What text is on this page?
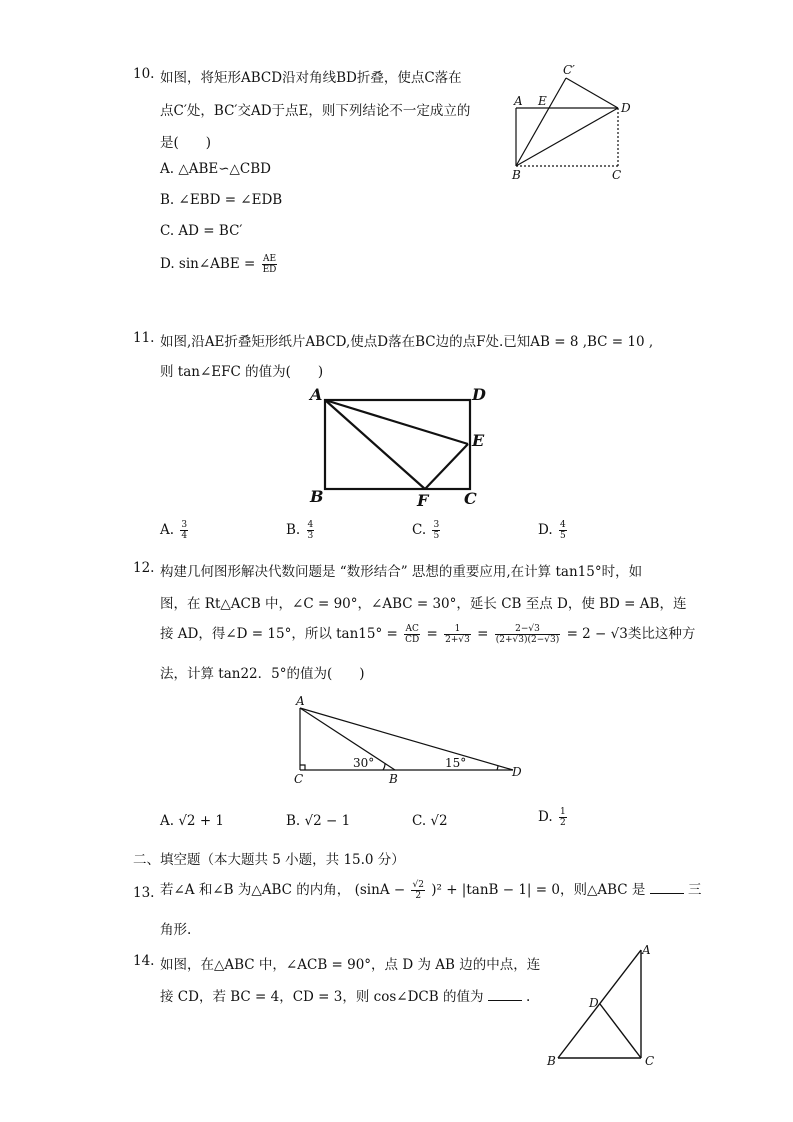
10. 如图，将矩形ABCD沿对角线BD折叠，使点C落在
点C′处，BC′交AD于点E，则下列结论不一定成立的
是(　　)
A. △ABE∽△CBD
B. ∠EBD = ∠EDB
C. AD = BC′
D. sin∠ABE = $\frac{AE}{ED}$
C′
A E	D
B	C
11. 如图,沿AE折叠矩形纸片ABCD,使点D落在BC边的点F处.已知AB = 8 ,BC = 10 ,
则 tan∠EFC 的值为(　　)
A	D
E
B	F C
A. $\frac{3}{4}$	B. $\frac{4}{3}$	C. $\frac{3}{5}$	D. $\frac{4}{5}$
12. 构建几何图形解决代数问题是 “数形结合” 思想的重要应用,在计算 tan15°时，如
图，在 Rt△ACB 中，∠C = 90°，∠ABC = 30°，延长 CB 至点 D，使 BD = AB，连
接 AD，得∠D = 15°，所以 $\tan 15^\circ = \frac{AC}{CD} = \frac{1}{2+√3} = \frac{2-√3}{(2+√3)(2-√3)} = 2 - √3$类比这种方
法，计算 tan22．5°的值为(　　)
A
C	B	D
30°	15°
A. √2 + 1	B. √2 − 1	C. √2	D. $\frac{1}{2}$
二、填空题（本大题共 5 小题，共 15.0 分）
13. 若∠A 和∠B 为△ABC 的内角， $(\sin A - \frac{√2}{2} )^2 + |\tan B - 1| = 0$，则△ABC 是	三
角形.
14. 如图，在△ABC 中，∠ACB = 90°，点 D 为 AB 边的中点，连
接 CD，若 BC = 4，CD = 3，则 cos∠DCB 的值为	.
A
D
B	C
